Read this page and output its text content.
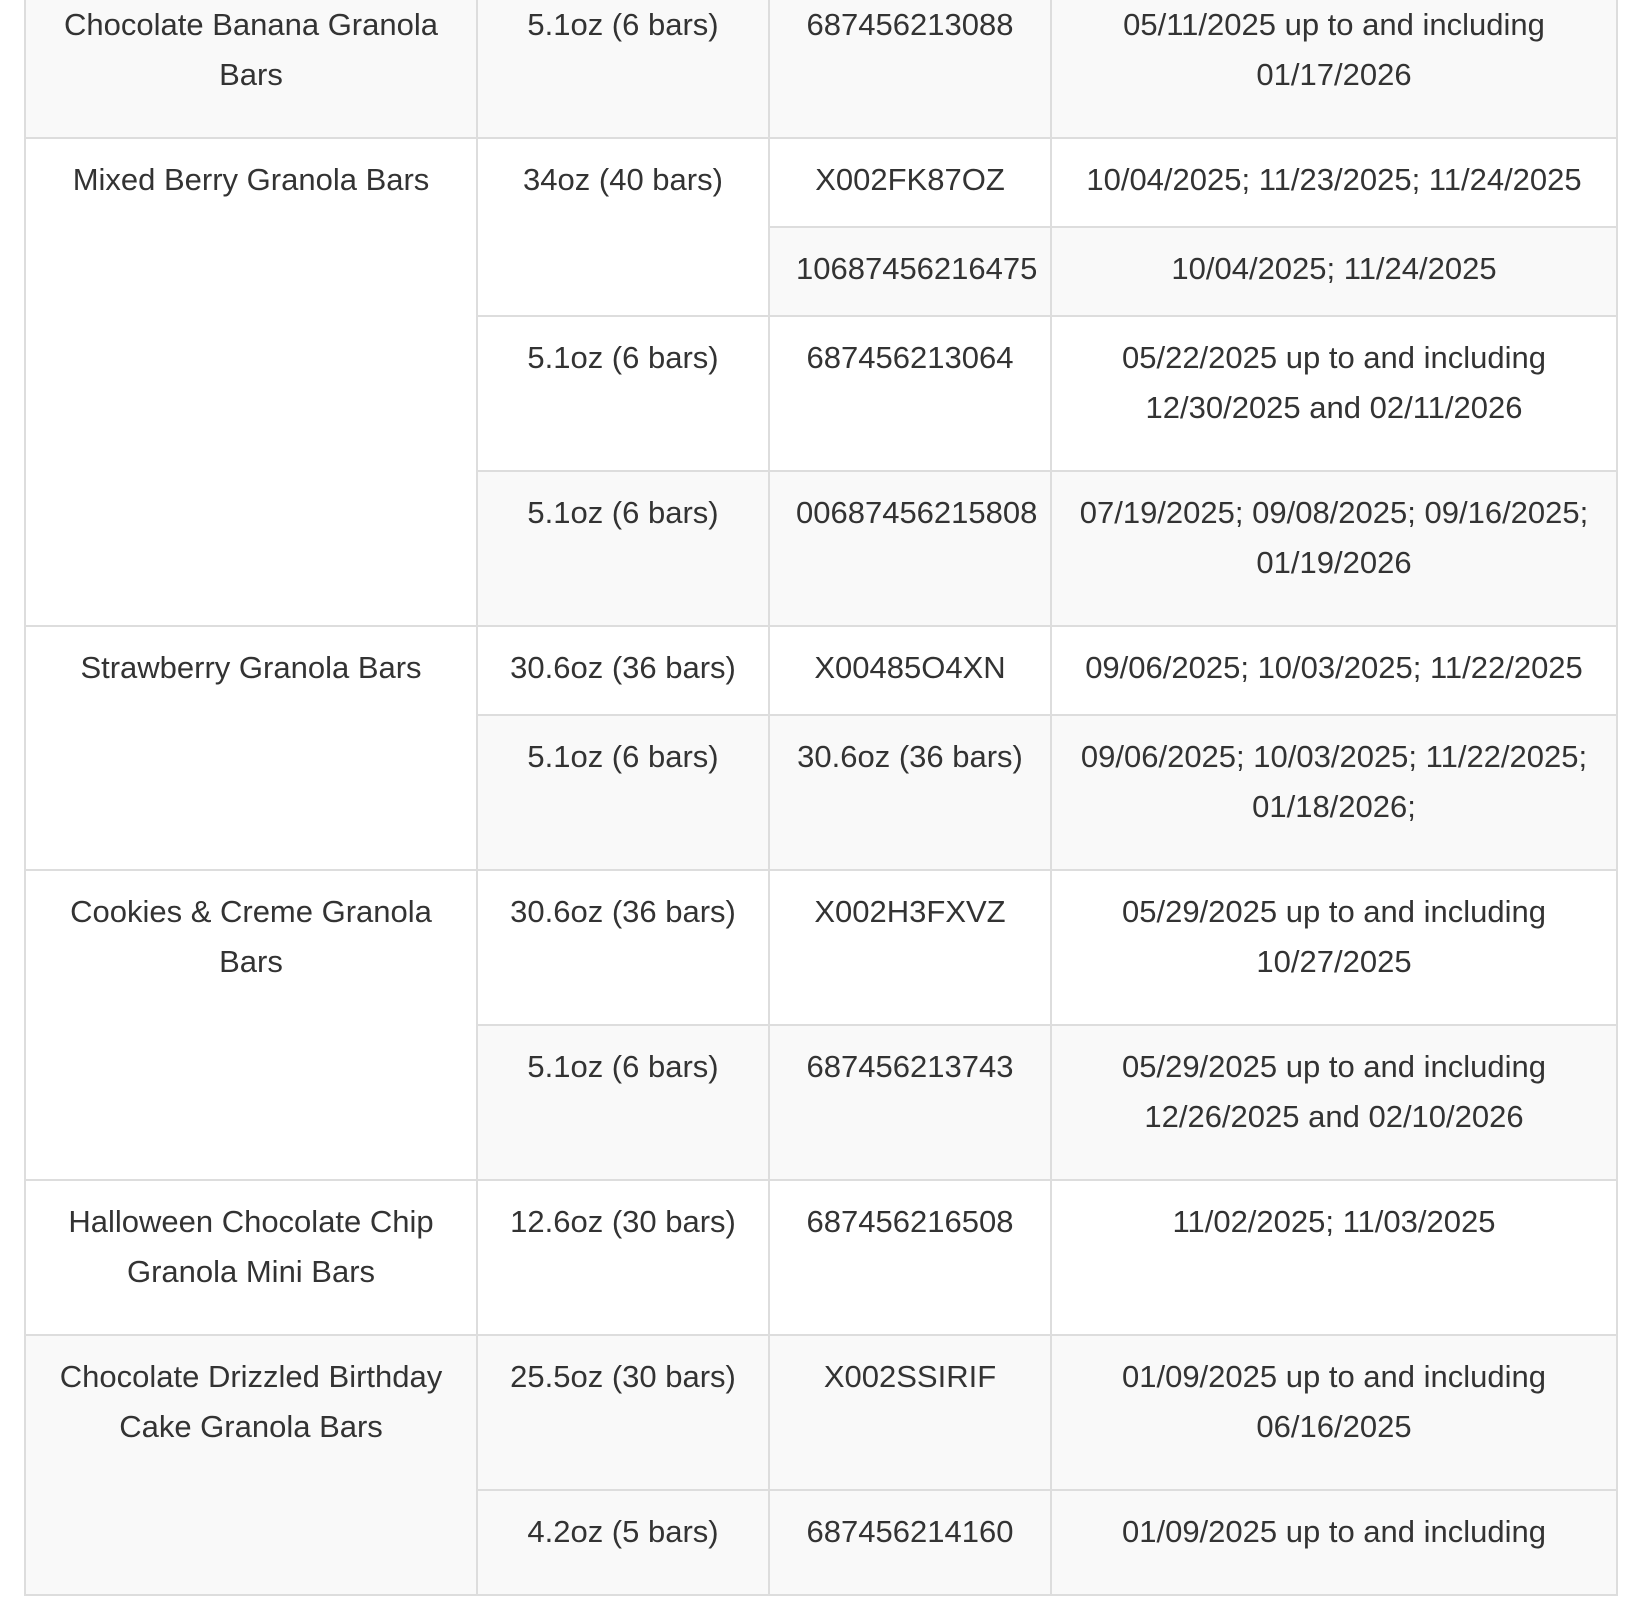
Chocolate Banana Granola Bars	5.1oz (6 bars)	687456213088	05/11/2025 up to and including 01/17/2026
Mixed Berry Granola Bars	34oz (40 bars)	X002FK87OZ	10/04/2025; 11/23/2025; 11/24/2025
		10687456216475	10/04/2025; 11/24/2025
	5.1oz (6 bars)	687456213064	05/22/2025 up to and including 12/30/2025 and 02/11/2026
	5.1oz (6 bars)	00687456215808	07/19/2025; 09/08/2025; 09/16/2025; 01/19/2026
Strawberry Granola Bars	30.6oz (36 bars)	X00485O4XN	09/06/2025; 10/03/2025; 11/22/2025
	5.1oz (6 bars)	30.6oz (36 bars)	09/06/2025; 10/03/2025; 11/22/2025; 01/18/2026;
Cookies & Creme Granola Bars	30.6oz (36 bars)	X002H3FXVZ	05/29/2025 up to and including 10/27/2025
	5.1oz (6 bars)	687456213743	05/29/2025 up to and including 12/26/2025 and 02/10/2026
Halloween Chocolate Chip Granola Mini Bars	12.6oz (30 bars)	687456216508	11/02/2025; 11/03/2025
Chocolate Drizzled Birthday Cake Granola Bars	25.5oz (30 bars)	X002SSIRIF	01/09/2025 up to and including 06/16/2025
	4.2oz (5 bars)	687456214160	01/09/2025 up to and including
